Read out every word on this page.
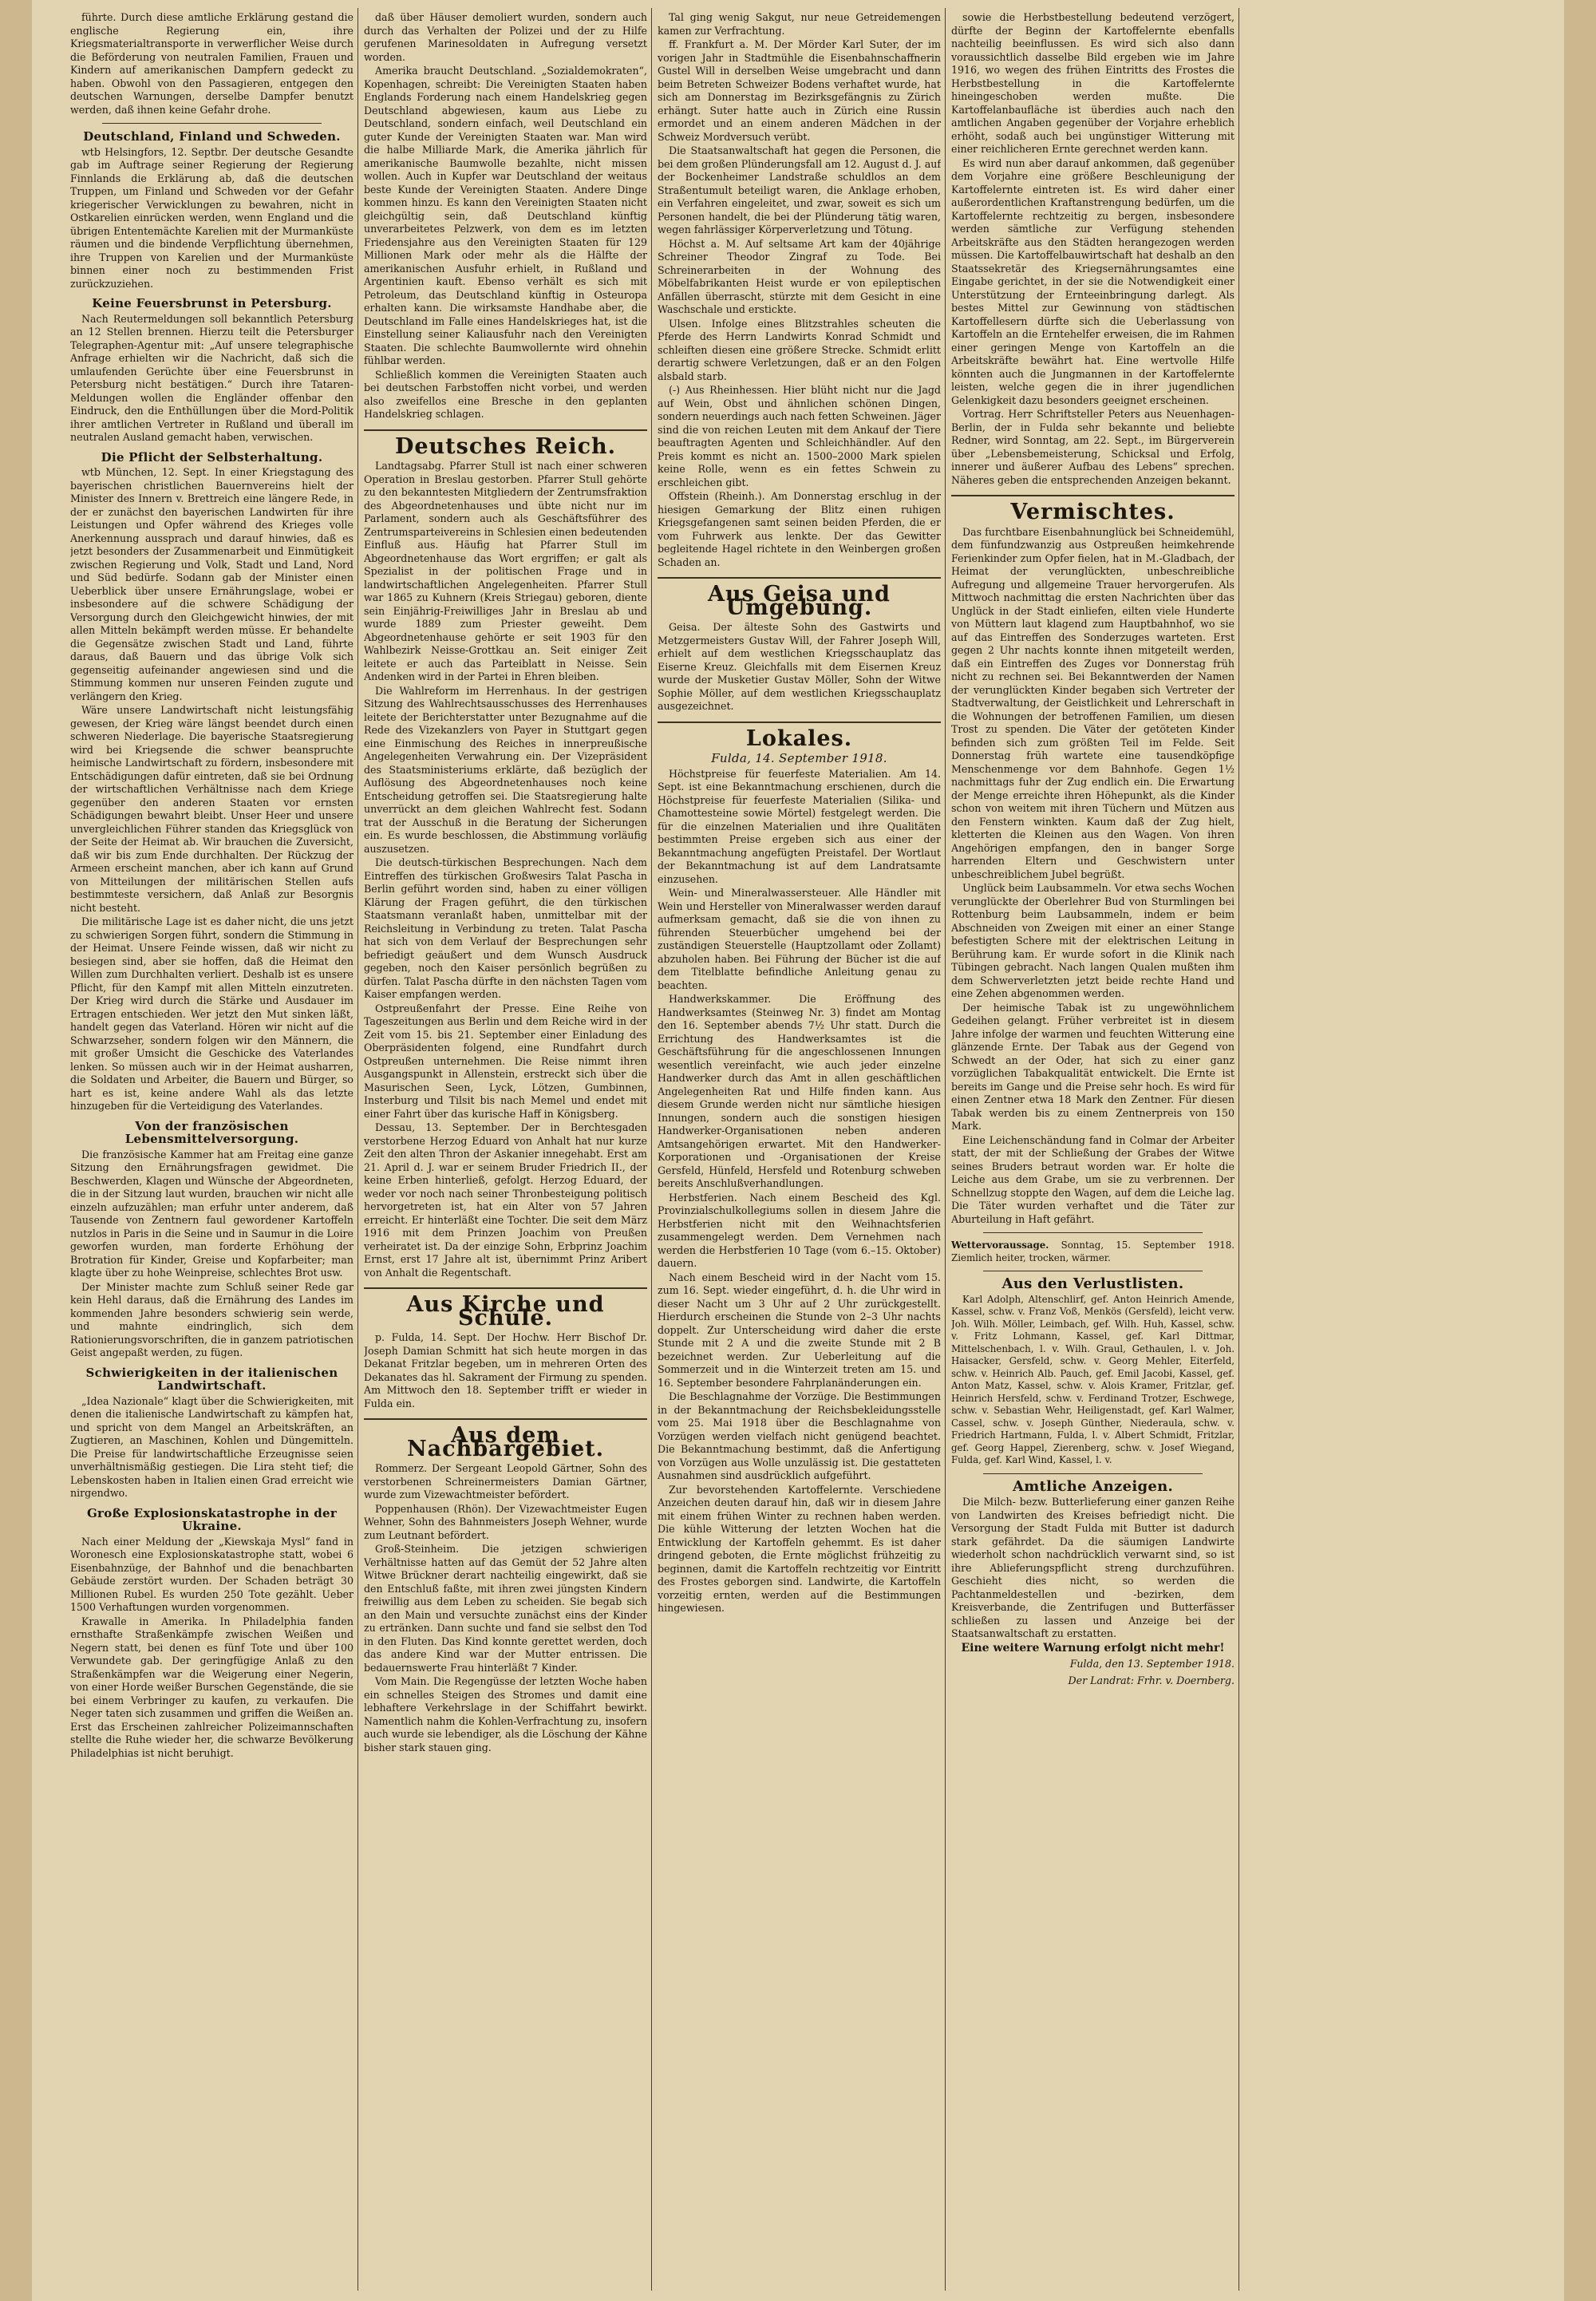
führte. Durch diese amtliche Erklärung gestand die englische Regierung ein, ihre Kriegsmaterialtransporte in verwerflicher Weise durch die Beförderung von neutralen Familien, Frauen und Kindern auf amerikanischen Dampfern gedeckt zu haben. Obwohl von den Passagieren, entgegen den deutschen Warnungen, derselbe Dampfer benutzt werden, daß ihnen keine Gefahr drohe.

Deutschland, Finland und Schweden.

wtb Helsingfors, 12. Septbr. Der deutsche Gesandte gab im Auftrage seiner Regierung der Regierung Finnlands die Erklärung ab, daß die deutschen Truppen, um Finland und Schweden vor der Gefahr kriegerischer Verwicklungen zu bewahren, nicht in Ostkarelien einrücken werden, wenn England und die übrigen Ententemächte Karelien mit der Murmanküste räumen und die bindende Verpflichtung übernehmen, ihre Truppen von Karelien und der Murmanküste binnen einer noch zu bestimmenden Frist zurückzuziehen.

Keine Feuersbrunst in Petersburg.

Nach Reutermeldungen soll bekanntlich Petersburg an 12 Stellen brennen. Hierzu teilt die Petersburger Telegraphen-Agentur mit: „Auf unsere telegraphische Anfrage erhielten wir die Nachricht, daß sich die umlaufenden Gerüchte über eine Feuersbrunst in Petersburg nicht bestätigen.“ Durch ihre Tataren-Meldungen wollen die Engländer offenbar den Eindruck, den die Enthüllungen über die Mord-Politik ihrer amtlichen Vertreter in Rußland und überall im neutralen Ausland gemacht haben, verwischen.

Die Pflicht der Selbsterhaltung.

wtb München, 12. Sept. In einer Kriegstagung des bayerischen christlichen Bauernvereins hielt der Minister des Innern v. Brettreich eine längere Rede, in der er zunächst den bayerischen Landwirten für ihre Leistungen und Opfer während des Krieges volle Anerkennung aussprach und darauf hinwies, daß es jetzt besonders der Zusammenarbeit und Einmütigkeit zwischen Regierung und Volk, Stadt und Land, Nord und Süd bedürfe. Sodann gab der Minister einen Ueberblick über unsere Ernährungslage, wobei er insbesondere auf die schwere Schädigung der Versorgung durch den Gleichgewicht hinwies, der mit allen Mitteln bekämpft werden müsse. Er behandelte die Gegensätze zwischen Stadt und Land, führte daraus, daß Bauern und das übrige Volk sich gegenseitig aufeinander angewiesen sind und die Stimmung kommen nur unseren Feinden zugute und verlängern den Krieg.

Wäre unsere Landwirtschaft nicht leistungsfähig gewesen, der Krieg wäre längst beendet durch einen schweren Niederlage. Die bayerische Staatsregierung wird bei Kriegsende die schwer beanspruchte heimische Landwirtschaft zu fördern, insbesondere mit Entschädigungen dafür eintreten, daß sie bei Ordnung der wirtschaftlichen Verhältnisse nach dem Kriege gegenüber den anderen Staaten vor ernsten Schädigungen bewahrt bleibt. Unser Heer und unsere unvergleichlichen Führer standen das Kriegsglück von der Seite der Heimat ab. Wir brauchen die Zuversicht, daß wir bis zum Ende durchhalten. Der Rückzug der Armeen erscheint manchen, aber ich kann auf Grund von Mitteilungen der militärischen Stellen aufs bestimmteste versichern, daß Anlaß zur Besorgnis nicht besteht.

Die militärische Lage ist es daher nicht, die uns jetzt zu schwierigen Sorgen führt, sondern die Stimmung in der Heimat. Unsere Feinde wissen, daß wir nicht zu besiegen sind, aber sie hoffen, daß die Heimat den Willen zum Durchhalten verliert. Deshalb ist es unsere Pflicht, für den Kampf mit allen Mitteln einzutreten. Der Krieg wird durch die Stärke und Ausdauer im Ertragen entschieden. Wer jetzt den Mut sinken läßt, handelt gegen das Vaterland. Hören wir nicht auf die Schwarzseher, sondern folgen wir den Männern, die mit großer Umsicht die Geschicke des Vaterlandes lenken. So müssen auch wir in der Heimat ausharren, die Soldaten und Arbeiter, die Bauern und Bürger, so hart es ist, keine andere Wahl als das letzte hinzugeben für die Verteidigung des Vaterlandes.

Von der französischen Lebensmittelversorgung.

Die französische Kammer hat am Freitag eine ganze Sitzung den Ernährungsfragen gewidmet. Die Beschwerden, Klagen und Wünsche der Abgeordneten, die in der Sitzung laut wurden, brauchen wir nicht alle einzeln aufzuzählen; man erfuhr unter anderem, daß Tausende von Zentnern faul gewordener Kartoffeln nutzlos in Paris in die Seine und in Saumur in die Loire geworfen wurden, man forderte Erhöhung der Brotration für Kinder, Greise und Kopfarbeiter; man klagte über zu hohe Weinpreise, schlechtes Brot usw.

Der Minister machte zum Schluß seiner Rede gar kein Hehl daraus, daß die Ernährung des Landes im kommenden Jahre besonders schwierig sein werde, und mahnte eindringlich, sich dem Rationierungsvorschriften, die in ganzem patriotischen Geist angepaßt werden, zu fügen.

Schwierigkeiten in der italienischen Landwirtschaft.

„Idea Nazionale“ klagt über die Schwierigkeiten, mit denen die italienische Landwirtschaft zu kämpfen hat, und spricht von dem Mangel an Arbeitskräften, an Zugtieren, an Maschinen, Kohlen und Düngemitteln. Die Preise für landwirtschaftliche Erzeugnisse seien unverhältnismäßig gestiegen. Die Lira steht tief; die Lebenskosten haben in Italien einen Grad erreicht wie nirgendwo.

Große Explosionskatastrophe in der Ukraine.

Nach einer Meldung der „Kiewskaja Mysl“ fand in Woronesch eine Explosionskatastrophe statt, wobei 6 Eisenbahnzüge, der Bahnhof und die benachbarten Gebäude zerstört wurden. Der Schaden beträgt 30 Millionen Rubel. Es wurden 250 Tote gezählt. Ueber 1500 Verhaftungen wurden vorgenommen.

Krawalle in Amerika. In Philadelphia fanden ernsthafte Straßenkämpfe zwischen Weißen und Negern statt, bei denen es fünf Tote und über 100 Verwundete gab. Der geringfügige Anlaß zu den Straßenkämpfen war die Weigerung einer Negerin, von einer Horde weißer Burschen Gegenstände, die sie bei einem Verbringer zu kaufen, zu verkaufen. Die Neger taten sich zusammen und griffen die Weißen an. Erst das Erscheinen zahlreicher Polizeimannschaften stellte die Ruhe wieder her, die schwarze Bevölkerung Philadelphias ist nicht beruhigt.

daß über Häuser demoliert wurden, sondern auch durch das Verhalten der Polizei und der zu Hilfe gerufenen Marinesoldaten in Aufregung versetzt worden.

Amerika braucht Deutschland. „Sozialdemokraten“, Kopenhagen, schreibt: Die Vereinigten Staaten haben Englands Forderung nach einem Handelskrieg gegen Deutschland abgewiesen, kaum aus Liebe zu Deutschland, sondern einfach, weil Deutschland ein guter Kunde der Vereinigten Staaten war. Man wird die halbe Milliarde Mark, die Amerika jährlich für amerikanische Baumwolle bezahlte, nicht missen wollen. Auch in Kupfer war Deutschland der weitaus beste Kunde der Vereinigten Staaten. Andere Dinge kommen hinzu. Es kann den Vereinigten Staaten nicht gleichgültig sein, daß Deutschland künftig unverarbeitetes Pelzwerk, von dem es im letzten Friedensjahre aus den Vereinigten Staaten für 129 Millionen Mark oder mehr als die Hälfte der amerikanischen Ausfuhr erhielt, in Rußland und Argentinien kauft. Ebenso verhält es sich mit Petroleum, das Deutschland künftig in Osteuropa erhalten kann. Die wirksamste Handhabe aber, die Deutschland im Falle eines Handelskrieges hat, ist die Einstellung seiner Kaliausfuhr nach den Vereinigten Staaten. Die schlechte Baumwollernte wird ohnehin fühlbar werden.

Schließlich kommen die Vereinigten Staaten auch bei deutschen Farbstoffen nicht vorbei, und werden also zweifellos eine Bresche in den geplanten Handelskrieg schlagen.

Deutsches Reich.

Landtagsabg. Pfarrer Stull ist nach einer schweren Operation in Breslau gestorben. Pfarrer Stull gehörte zu den bekanntesten Mitgliedern der Zentrumsfraktion des Abgeordnetenhauses und übte nicht nur im Parlament, sondern auch als Geschäftsführer des Zentrumsparteivereins in Schlesien einen bedeutenden Einfluß aus. Häufig hat Pfarrer Stull im Abgeordnetenhause das Wort ergriffen; er galt als Spezialist in der politischen Frage und in landwirtschaftlichen Angelegenheiten. Pfarrer Stull war 1865 zu Kuhnern (Kreis Striegau) geboren, diente sein Einjährig-Freiwilliges Jahr in Breslau ab und wurde 1889 zum Priester geweiht. Dem Abgeordnetenhause gehörte er seit 1903 für den Wahlbezirk Neisse-Grottkau an. Seit einiger Zeit leitete er auch das Parteiblatt in Neisse. Sein Andenken wird in der Partei in Ehren bleiben.

Die Wahlreform im Herrenhaus. In der gestrigen Sitzung des Wahlrechtsausschusses des Herrenhauses leitete der Berichterstatter unter Bezugnahme auf die Rede des Vizekanzlers von Payer in Stuttgart gegen eine Einmischung des Reiches in innerpreußische Angelegenheiten Verwahrung ein. Der Vizepräsident des Staatsministeriums erklärte, daß bezüglich der Auflösung des Abgeordnetenhauses noch keine Entscheidung getroffen sei. Die Staatsregierung halte unverrückt an dem gleichen Wahlrecht fest. Sodann trat der Ausschuß in die Beratung der Sicherungen ein. Es wurde beschlossen, die Abstimmung vorläufig auszusetzen.

Die deutsch-türkischen Besprechungen. Nach dem Eintreffen des türkischen Großwesirs Talat Pascha in Berlin geführt worden sind, haben zu einer völligen Klärung der Fragen geführt, die den türkischen Staatsmann veranlaßt haben, unmittelbar mit der Reichsleitung in Verbindung zu treten. Talat Pascha hat sich von dem Verlauf der Besprechungen sehr befriedigt geäußert und dem Wunsch Ausdruck gegeben, noch den Kaiser persönlich begrüßen zu dürfen. Talat Pascha dürfte in den nächsten Tagen vom Kaiser empfangen werden.

Ostpreußenfahrt der Presse. Eine Reihe von Tageszeitungen aus Berlin und dem Reiche wird in der Zeit vom 15. bis 21. September einer Einladung des Oberpräsidenten folgend, eine Rundfahrt durch Ostpreußen unternehmen. Die Reise nimmt ihren Ausgangspunkt in Allenstein, erstreckt sich über die Masurischen Seen, Lyck, Lötzen, Gumbinnen, Insterburg und Tilsit bis nach Memel und endet mit einer Fahrt über das kurische Haff in Königsberg.

Dessau, 13. September. Der in Berchtesgaden verstorbene Herzog Eduard von Anhalt hat nur kurze Zeit den alten Thron der Askanier innegehabt. Erst am 21. April d. J. war er seinem Bruder Friedrich II., der keine Erben hinterließ, gefolgt. Herzog Eduard, der weder vor noch nach seiner Thronbesteigung politisch hervorgetreten ist, hat ein Alter von 57 Jahren erreicht. Er hinterläßt eine Tochter. Die seit dem März 1916 mit dem Prinzen Joachim von Preußen verheiratet ist. Da der einzige Sohn, Erbprinz Joachim Ernst, erst 17 Jahre alt ist, übernimmt Prinz Aribert von Anhalt die Regentschaft.

Aus Kirche und Schule.

p. Fulda, 14. Sept. Der Hochw. Herr Bischof Dr. Joseph Damian Schmitt hat sich heute morgen in das Dekanat Fritzlar begeben, um in mehreren Orten des Dekanates das hl. Sakrament der Firmung zu spenden. Am Mittwoch den 18. September trifft er wieder in Fulda ein.

Aus dem Nachbargebiet.

Rommerz. Der Sergeant Leopold Gärtner, Sohn des verstorbenen Schreinermeisters Damian Gärtner, wurde zum Vizewachtmeister befördert.

Poppenhausen (Rhön). Der Vizewachtmeister Eugen Wehner, Sohn des Bahnmeisters Joseph Wehner, wurde zum Leutnant befördert.

Groß-Steinheim. Die jetzigen schwierigen Verhältnisse hatten auf das Gemüt der 52 Jahre alten Witwe Brückner derart nachteilig eingewirkt, daß sie den Entschluß faßte, mit ihren zwei jüngsten Kindern freiwillig aus dem Leben zu scheiden. Sie begab sich an den Main und versuchte zunächst eins der Kinder zu ertränken. Dann suchte und fand sie selbst den Tod in den Fluten. Das Kind konnte gerettet werden, doch das andere Kind war der Mutter entrissen. Die bedauernswerte Frau hinterläßt 7 Kinder.

Vom Main. Die Regengüsse der letzten Woche haben ein schnelles Steigen des Stromes und damit eine lebhaftere Verkehrslage in der Schiffahrt bewirkt. Namentlich nahm die Kohlen-Verfrachtung zu, insofern auch wurde sie lebendiger, als die Löschung der Kähne bisher stark stauen ging.

Tal ging wenig Sakgut, nur neue Getreidemengen kamen zur Verfrachtung.

ff. Frankfurt a. M. Der Mörder Karl Suter, der im vorigen Jahr in Stadtmühle die Eisenbahnschaffnerin Gustel Will in derselben Weise umgebracht und dann beim Betreten Schweizer Bodens verhaftet wurde, hat sich am Donnerstag im Bezirksgefängnis zu Zürich erhängt. Suter hatte auch in Zürich eine Russin ermordet und an einem anderen Mädchen in der Schweiz Mordversuch verübt.

Die Staatsanwaltschaft hat gegen die Personen, die bei dem großen Plünderungsfall am 12. August d. J. auf der Bockenheimer Landstraße schuldlos an dem Straßentumult beteiligt waren, die Anklage erhoben, ein Verfahren eingeleitet, und zwar, soweit es sich um Personen handelt, die bei der Plünderung tätig waren, wegen fahrlässiger Körperverletzung und Tötung.

Höchst a. M. Auf seltsame Art kam der 40jährige Schreiner Theodor Zingraf zu Tode. Bei Schreinerarbeiten in der Wohnung des Möbelfabrikanten Heist wurde er von epileptischen Anfällen überrascht, stürzte mit dem Gesicht in eine Waschschale und erstickte.

Ulsen. Infolge eines Blitzstrahles scheuten die Pferde des Herrn Landwirts Konrad Schmidt und schleiften diesen eine größere Strecke. Schmidt erlitt derartig schwere Verletzungen, daß er an den Folgen alsbald starb.

(-) Aus Rheinhessen. Hier blüht nicht nur die Jagd auf Wein, Obst und ähnlichen schönen Dingen, sondern neuerdings auch nach fetten Schweinen. Jäger sind die von reichen Leuten mit dem Ankauf der Tiere beauftragten Agenten und Schleichhändler. Auf den Preis kommt es nicht an. 1500–2000 Mark spielen keine Rolle, wenn es ein fettes Schwein zu erschleichen gibt.

Offstein (Rheinh.). Am Donnerstag erschlug in der hiesigen Gemarkung der Blitz einen ruhigen Kriegsgefangenen samt seinen beiden Pferden, die er vom Fuhrwerk aus lenkte. Der das Gewitter begleitende Hagel richtete in den Weinbergen großen Schaden an.

Aus Geisa und Umgebung.

Geisa. Der älteste Sohn des Gastwirts und Metzgermeisters Gustav Will, der Fahrer Joseph Will, erhielt auf dem westlichen Kriegsschauplatz das Eiserne Kreuz. Gleichfalls mit dem Eisernen Kreuz wurde der Musketier Gustav Möller, Sohn der Witwe Sophie Möller, auf dem westlichen Kriegsschauplatz ausgezeichnet.

Lokales.
Fulda, 14. September 1918.

Höchstpreise für feuerfeste Materialien. Am 14. Sept. ist eine Bekanntmachung erschienen, durch die Höchstpreise für feuerfeste Materialien (Silika- und Chamottesteine sowie Mörtel) festgelegt werden. Die für die einzelnen Materialien und ihre Qualitäten bestimmten Preise ergeben sich aus einer der Bekanntmachung angefügten Preistafel. Der Wortlaut der Bekanntmachung ist auf dem Landratsamte einzusehen.

Wein- und Mineralwassersteuer. Alle Händler mit Wein und Hersteller von Mineralwasser werden darauf aufmerksam gemacht, daß sie die von ihnen zu führenden Steuerbücher umgehend bei der zuständigen Steuerstelle (Hauptzollamt oder Zollamt) abzuholen haben. Bei Führung der Bücher ist die auf dem Titelblatte befindliche Anleitung genau zu beachten.

Handwerkskammer. Die Eröffnung des Handwerksamtes (Steinweg Nr. 3) findet am Montag den 16. September abends 7½ Uhr statt. Durch die Errichtung des Handwerksamtes ist die Geschäftsführung für die angeschlossenen Innungen wesentlich vereinfacht, wie auch jeder einzelne Handwerker durch das Amt in allen geschäftlichen Angelegenheiten Rat und Hilfe finden kann. Aus diesem Grunde werden nicht nur sämtliche hiesigen Innungen, sondern auch die sonstigen hiesigen Handwerker-Organisationen neben anderen Amtsangehörigen erwartet. Mit den Handwerker-Korporationen und -Organisationen der Kreise Gersfeld, Hünfeld, Hersfeld und Rotenburg schweben bereits Anschlußverhandlungen.

Herbstferien. Nach einem Bescheid des Kgl. Provinzialschulkollegiums sollen in diesem Jahre die Herbstferien nicht mit den Weihnachtsferien zusammengelegt werden. Dem Vernehmen nach werden die Herbstferien 10 Tage (vom 6.–15. Oktober) dauern.

Nach einem Bescheid wird in der Nacht vom 15. zum 16. Sept. wieder eingeführt, d. h. die Uhr wird in dieser Nacht um 3 Uhr auf 2 Uhr zurückgestellt. Hierdurch erscheinen die Stunde von 2–3 Uhr nachts doppelt. Zur Unterscheidung wird daher die erste Stunde mit 2 A und die zweite Stunde mit 2 B bezeichnet werden. Zur Ueberleitung auf die Sommerzeit und in die Winterzeit treten am 15. und 16. September besondere Fahrplanänderungen ein.

Die Beschlagnahme der Vorzüge. Die Bestimmungen in der Bekanntmachung der Reichsbekleidungsstelle vom 25. Mai 1918 über die Beschlagnahme von Vorzügen werden vielfach nicht genügend beachtet. Die Bekanntmachung bestimmt, daß die Anfertigung von Vorzügen aus Wolle unzulässig ist. Die gestatteten Ausnahmen sind ausdrücklich aufgeführt.

Zur bevorstehenden Kartoffelernte. Verschiedene Anzeichen deuten darauf hin, daß wir in diesem Jahre mit einem frühen Winter zu rechnen haben werden. Die kühle Witterung der letzten Wochen hat die Entwicklung der Kartoffeln gehemmt. Es ist daher dringend geboten, die Ernte möglichst frühzeitig zu beginnen, damit die Kartoffeln rechtzeitig vor Eintritt des Frostes geborgen sind. Landwirte, die Kartoffeln vorzeitig ernten, werden auf die Bestimmungen hingewiesen.

sowie die Herbstbestellung bedeutend verzögert, dürfte der Beginn der Kartoffelernte ebenfalls nachteilig beeinflussen. Es wird sich also dann voraussichtlich dasselbe Bild ergeben wie im Jahre 1916, wo wegen des frühen Eintritts des Frostes die Herbstbestellung in die Kartoffelernte hineingeschoben werden mußte. Die Kartoffelanbaufläche ist überdies auch nach den amtlichen Angaben gegenüber der Vorjahre erheblich erhöht, sodaß auch bei ungünstiger Witterung mit einer reichlicheren Ernte gerechnet werden kann.

Es wird nun aber darauf ankommen, daß gegenüber dem Vorjahre eine größere Beschleunigung der Kartoffelernte eintreten ist. Es wird daher einer außerordentlichen Kraftanstrengung bedürfen, um die Kartoffelernte rechtzeitig zu bergen, insbesondere werden sämtliche zur Verfügung stehenden Arbeitskräfte aus den Städten herangezogen werden müssen. Die Kartoffelbauwirtschaft hat deshalb an den Staatssekretär des Kriegsernährungsamtes eine Eingabe gerichtet, in der sie die Notwendigkeit einer Unterstützung der Ernteeinbringung darlegt. Als bestes Mittel zur Gewinnung von städtischen Kartoffellesern dürfte sich die Ueberlassung von Kartoffeln an die Erntehelfer erweisen, die im Rahmen einer geringen Menge von Kartoffeln an die Arbeitskräfte bewährt hat. Eine wertvolle Hilfe könnten auch die Jungmannen in der Kartoffelernte leisten, welche gegen die in ihrer jugendlichen Gelenkigkeit dazu besonders geeignet erscheinen.

Vortrag. Herr Schriftsteller Peters aus Neuenhagen-Berlin, der in Fulda sehr bekannte und beliebte Redner, wird Sonntag, am 22. Sept., im Bürgerverein über „Lebensbemeisterung, Schicksal und Erfolg, innerer und äußerer Aufbau des Lebens“ sprechen. Näheres geben die entsprechenden Anzeigen bekannt.

Vermischtes.

Das furchtbare Eisenbahnunglück bei Schneidemühl, dem fünfundzwanzig aus Ostpreußen heimkehrende Ferienkinder zum Opfer fielen, hat in M.-Gladbach, der Heimat der verunglückten, unbeschreibliche Aufregung und allgemeine Trauer hervorgerufen. Als Mittwoch nachmittag die ersten Nachrichten über das Unglück in der Stadt einliefen, eilten viele Hunderte von Müttern laut klagend zum Hauptbahnhof, wo sie auf das Eintreffen des Sonderzuges warteten. Erst gegen 2 Uhr nachts konnte ihnen mitgeteilt werden, daß ein Eintreffen des Zuges vor Donnerstag früh nicht zu rechnen sei. Bei Bekanntwerden der Namen der verunglückten Kinder begaben sich Vertreter der Stadtverwaltung, der Geistlichkeit und Lehrerschaft in die Wohnungen der betroffenen Familien, um diesen Trost zu spenden. Die Väter der getöteten Kinder befinden sich zum größten Teil im Felde. Seit Donnerstag früh wartete eine tausendköpfige Menschenmenge vor dem Bahnhofe. Gegen 1½ nachmittags fuhr der Zug endlich ein. Die Erwartung der Menge erreichte ihren Höhepunkt, als die Kinder schon von weitem mit ihren Tüchern und Mützen aus den Fenstern winkten. Kaum daß der Zug hielt, kletterten die Kleinen aus den Wagen. Von ihren Angehörigen empfangen, den in banger Sorge harrenden Eltern und Geschwistern unter unbeschreiblichem Jubel begrüßt.

Unglück beim Laubsammeln. Vor etwa sechs Wochen verunglückte der Oberlehrer Bud von Sturmlingen bei Rottenburg beim Laubsammeln, indem er beim Abschneiden von Zweigen mit einer an einer Stange befestigten Schere mit der elektrischen Leitung in Berührung kam. Er wurde sofort in die Klinik nach Tübingen gebracht. Nach langen Qualen mußten ihm dem Schwerverletzten jetzt beide rechte Hand und eine Zehen abgenommen werden.

Der heimische Tabak ist zu ungewöhnlichem Gedeihen gelangt. Früher verbreitet ist in diesem Jahre infolge der warmen und feuchten Witterung eine glänzende Ernte. Der Tabak aus der Gegend von Schwedt an der Oder, hat sich zu einer ganz vorzüglichen Tabakqualität entwickelt. Die Ernte ist bereits im Gange und die Preise sehr hoch. Es wird für einen Zentner etwa 18 Mark den Zentner. Für diesen Tabak werden bis zu einem Zentnerpreis von 150 Mark.

Eine Leichenschändung fand in Colmar der Arbeiter statt, der mit der Schließung der Grabes der Witwe seines Bruders betraut worden war. Er holte die Leiche aus dem Grabe, um sie zu verbrennen. Der Schnellzug stoppte den Wagen, auf dem die Leiche lag. Die Täter wurden verhaftet und die Täter zur Aburteilung in Haft gefährt.

Wettervoraussage. Sonntag, 15. September 1918. Ziemlich heiter, trocken, wärmer.

Aus den Verlustlisten.

Karl Adolph, Altenschlirf, gef. Anton Heinrich Amende, Kassel, schw. v. Franz Voß, Menkös (Gersfeld), leicht verw. Joh. Wilh. Möller, Leimbach, gef. Wilh. Huh, Kassel, schw. v. Fritz Lohmann, Kassel, gef. Karl Dittmar, Mittelschenbach, l. v. Wilh. Graul, Gethaulen, l. v. Joh. Haisacker, Gersfeld, schw. v. Georg Mehler, Eiterfeld, schw. v. Heinrich Alb. Pauch, gef. Emil Jacobi, Kassel, gef. Anton Matz, Kassel, schw. v. Alois Kramer, Fritzlar, gef. Heinrich Hersfeld, schw. v. Ferdinand Trotzer, Eschwege, schw. v. Sebastian Wehr, Heiligenstadt, gef. Karl Walmer, Cassel, schw. v. Joseph Günther, Niederaula, schw. v. Friedrich Hartmann, Fulda, l. v. Albert Schmidt, Fritzlar, gef. Georg Happel, Zierenberg, schw. v. Josef Wiegand, Fulda, gef. Karl Wind, Kassel, l. v.

Amtliche Anzeigen.

Die Milch- bezw. Butterlieferung einer ganzen Reihe von Landwirten des Kreises befriedigt nicht. Die Versorgung der Stadt Fulda mit Butter ist dadurch stark gefährdet. Da die säumigen Landwirte wiederholt schon nachdrücklich verwarnt sind, so ist ihre Ablieferungspflicht streng durchzuführen. Geschieht dies nicht, so werden die Pachtanmeldestellen und -bezirken, dem Kreisverbande, die Zentrifugen und Butterfässer schließen zu lassen und Anzeige bei der Staatsanwaltschaft zu erstatten.

Eine weitere Warnung erfolgt nicht mehr!

Fulda, den 13. September 1918.

Der Landrat: Frhr. v. Doernberg.
